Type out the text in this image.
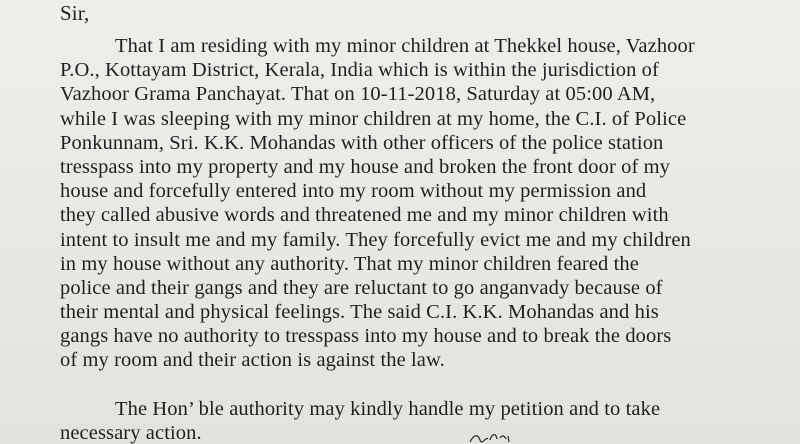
Sir,
That I am residing with my minor children at Thekkel house, Vazhoor
P.O., Kottayam District, Kerala, India which is within the jurisdiction of
Vazhoor Grama Panchayat. That on 10-11-2018, Saturday at 05:00 AM,
while I was sleeping with my minor children at my home, the C.I. of Police
Ponkunnam, Sri. K.K. Mohandas with other officers of the police station
tresspass into my property and my house and broken the front door of my
house and forcefully entered into my room without my permission and
they called abusive words and threatened me and my minor children with
intent to insult me and my family. They forcefully evict me and my children
in my house without any authority. That my minor children feared the
police and their gangs and they are reluctant to go anganvady because of
their mental and physical feelings. The said C.I. K.K. Mohandas and his
gangs have no authority to tresspass into my house and to break the doors
of my room and their action is against the law.
The Hon’ ble authority may kindly handle my petition and to take
necessary action.
